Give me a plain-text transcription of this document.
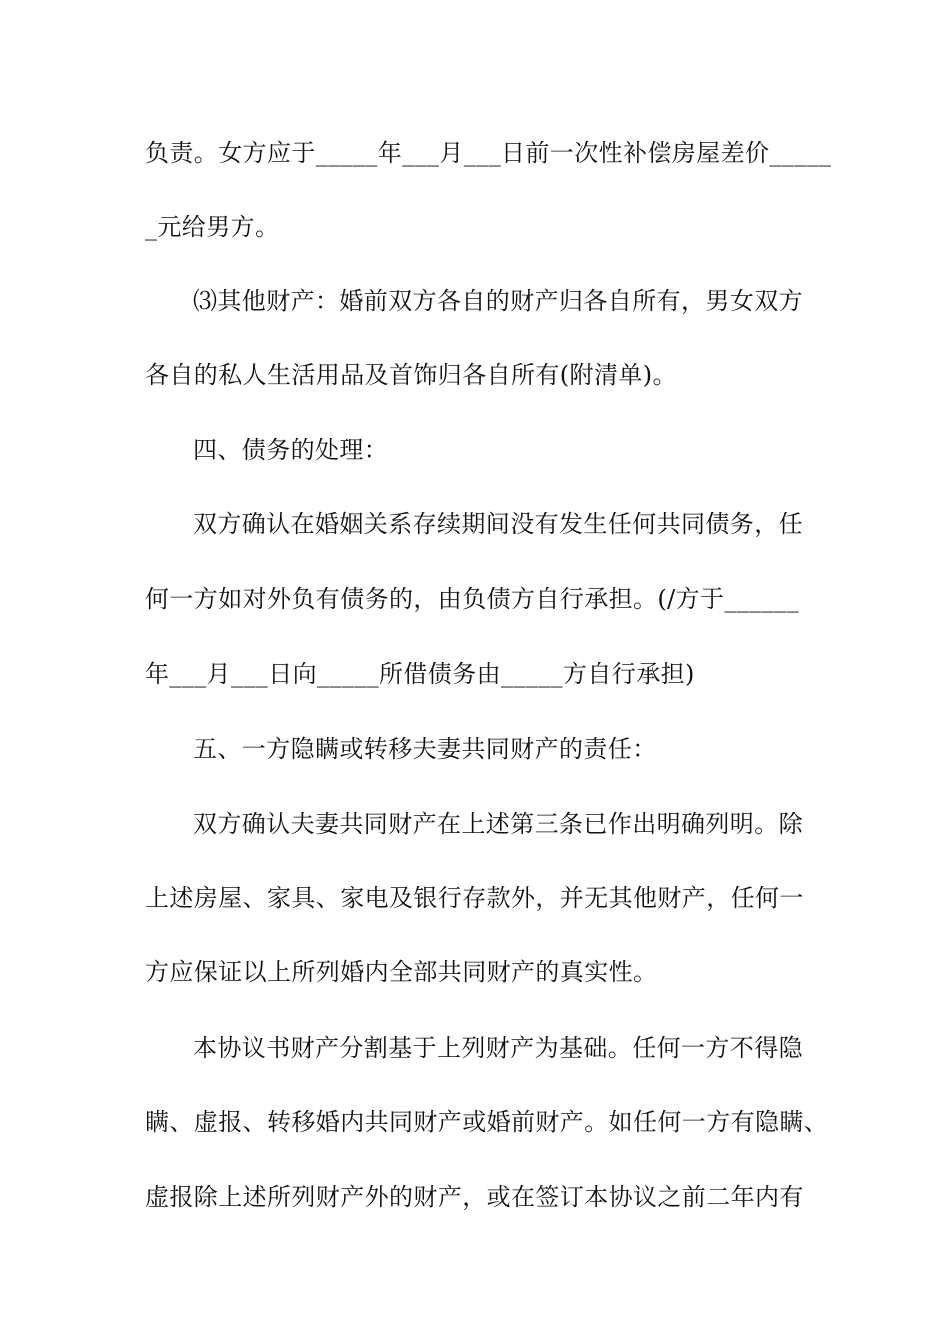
负责。女方应于_____年___月___日前一次性补偿房屋差价_____
_元给男方。
⑶其他财产：婚前双方各自的财产归各自所有，男女双方
各自的私人生活用品及首饰归各自所有(附清单)。
四、债务的处理：
双方确认在婚姻关系存续期间没有发生任何共同债务，任
何一方如对外负有债务的，由负债方自行承担。(/方于______
年___月___日向_____所借债务由_____方自行承担)
五、一方隐瞒或转移夫妻共同财产的责任：
双方确认夫妻共同财产在上述第三条已作出明确列明。除
上述房屋、家具、家电及银行存款外，并无其他财产，任何一
方应保证以上所列婚内全部共同财产的真实性。
本协议书财产分割基于上列财产为基础。任何一方不得隐
瞒、虚报、转移婚内共同财产或婚前财产。如任何一方有隐瞒、
虚报除上述所列财产外的财产，或在签订本协议之前二年内有
